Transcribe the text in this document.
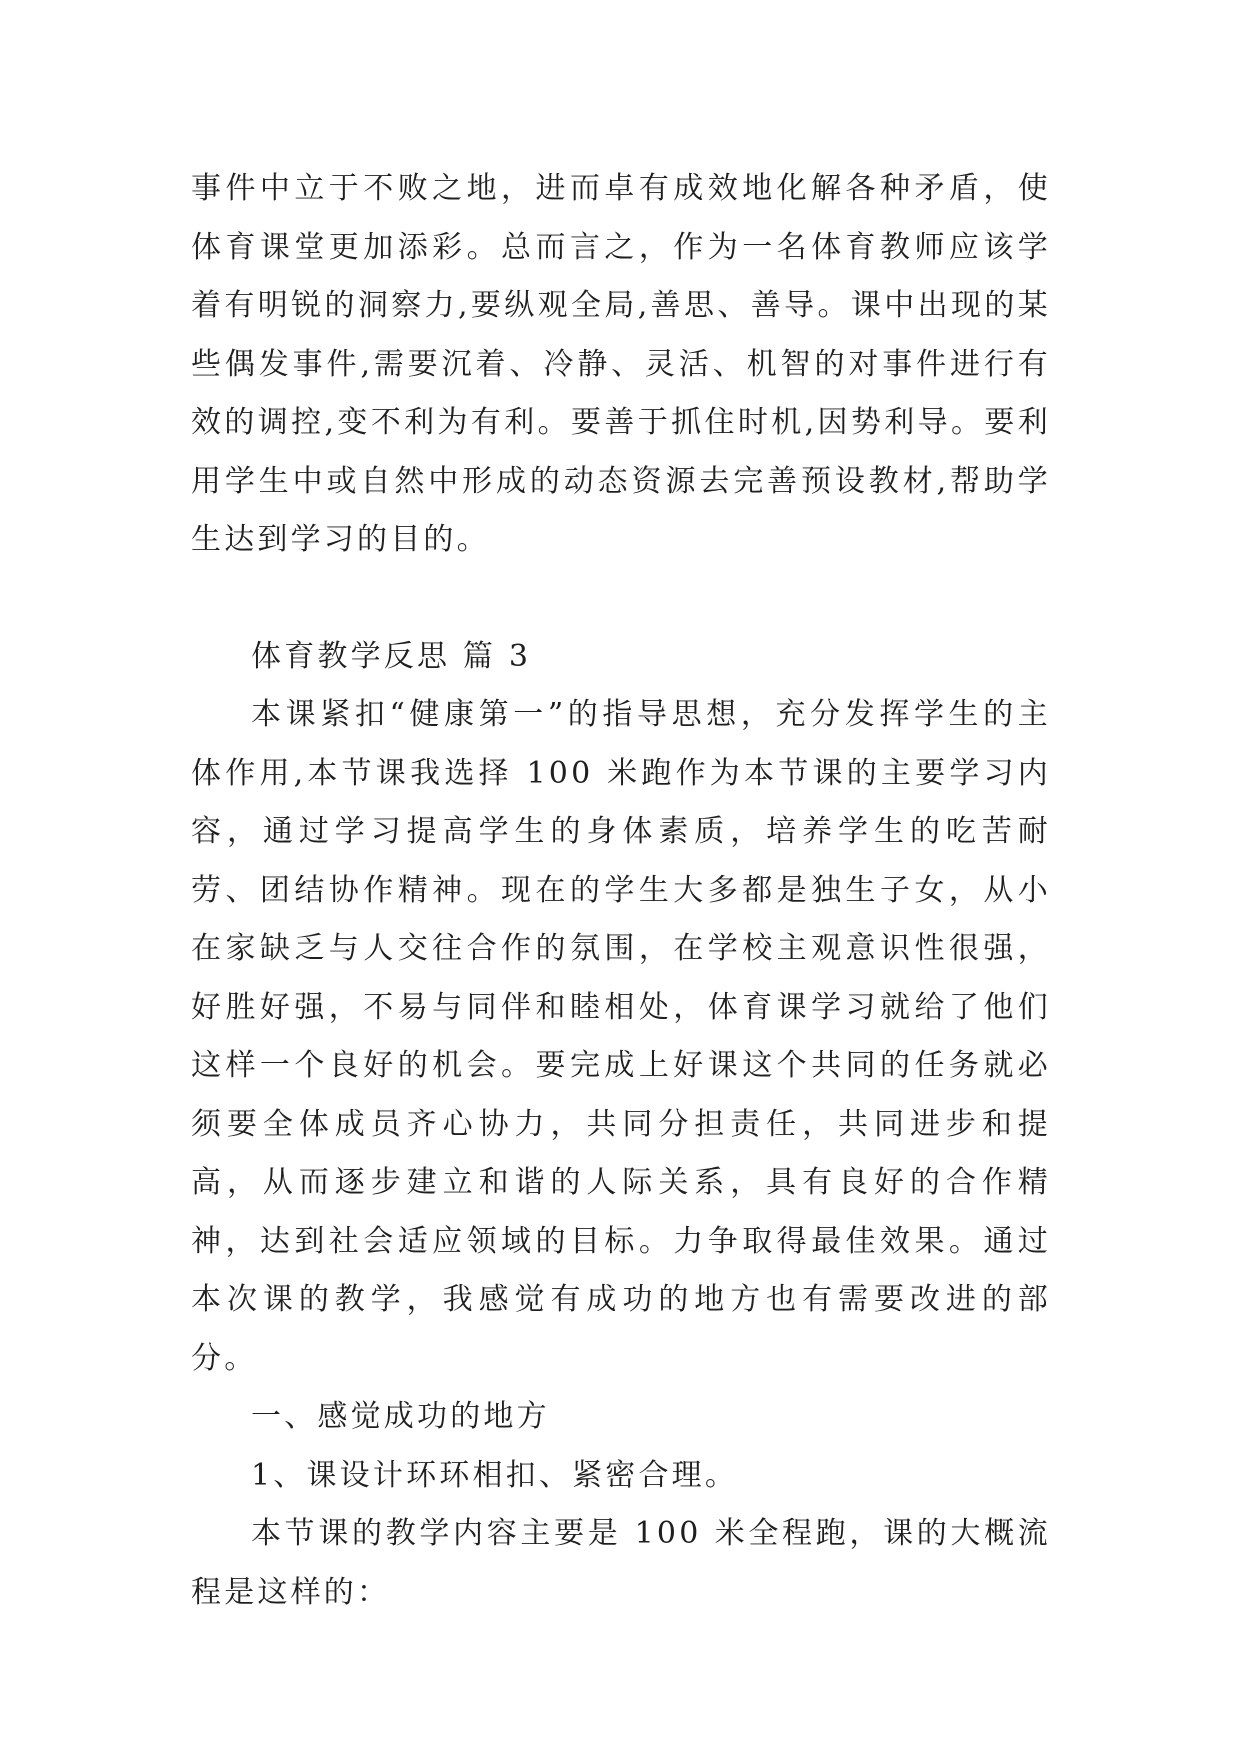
事件中立于不败之地，进而卓有成效地化解各种矛盾，使体育课堂更加添彩。总而言之，作为一名体育教师应该学着有明锐的洞察力,要纵观全局,善思、善导。课中出现的某些偶发事件,需要沉着、冷静、灵活、机智的对事件进行有效的调控,变不利为有利。要善于抓住时机,因势利导。要利用学生中或自然中形成的动态资源去完善预设教材,帮助学生达到学习的目的。

体育教学反思 篇 3

本课紧扣“健康第一”的指导思想，充分发挥学生的主体作用,本节课我选择 100 米跑作为本节课的主要学习内容，通过学习提高学生的身体素质，培养学生的吃苦耐劳、团结协作精神。现在的学生大多都是独生子女，从小在家缺乏与人交往合作的氛围，在学校主观意识性很强，好胜好强，不易与同伴和睦相处，体育课学习就给了他们这样一个良好的机会。要完成上好课这个共同的任务就必须要全体成员齐心协力，共同分担责任，共同进步和提高，从而逐步建立和谐的人际关系，具有良好的合作精神，达到社会适应领域的目标。力争取得最佳效果。通过本次课的教学，我感觉有成功的地方也有需要改进的部分。

一、感觉成功的地方

1、课设计环环相扣、紧密合理。

本节课的教学内容主要是 100 米全程跑，课的大概流程是这样的：
